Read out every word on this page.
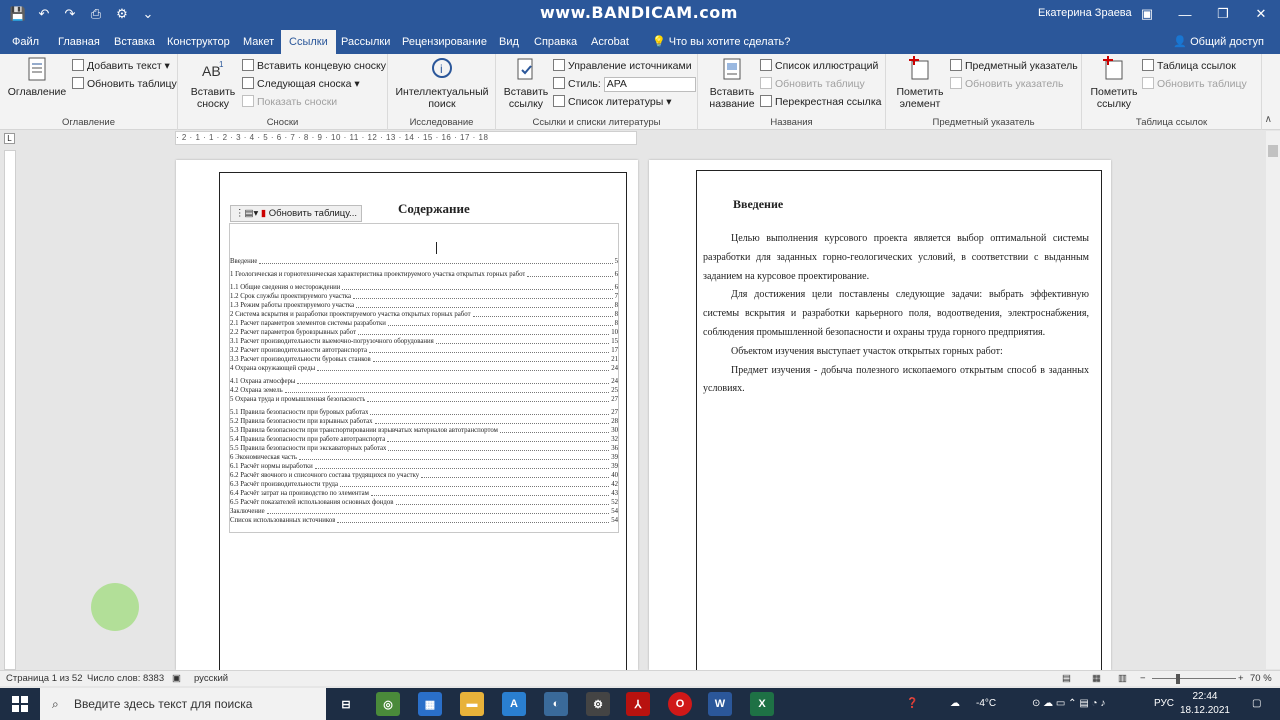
💾 ↶	↷	⎙	⚙	⌄	www.BANDICAM.com	Екатерина Зраева ▣	—	❐	✕
Файл	Главная	Вставка	Конструктор	Макет	Ссылки	Рассылки	Рецензирование	Вид	Справка	Acrobat	💡 Что вы хотите сделать?	👤 Общий доступ
Оглавление
Добавить текст ▾
Обновить таблицу
Оглавление
AB
1
Вставить сноску
Вставить концевую сноску
Следующая сноска ▾
Показать сноски
Сноски
i
Интеллектуальный поиск
Исследование
Вставить ссылку
Управление источниками
Стиль: APA
Список литературы ▾
Ссылки и списки литературы
Вставить название
Список иллюстраций
Обновить таблицу
Перекрестная ссылка
Названия
Пометить элемент
Предметный указатель
Обновить указатель
Предметный указатель
Пометить ссылку
Таблица ссылок
Обновить таблицу
Таблица ссылок	∧
L	· 2 · 1 · 1 · 2 · 3 · 4 · 5 · 6 · 7 · 8 · 9 · 10 · 11 · 12 · 13 · 14 · 15 · 16 · 17 · 18
Содержание
⋮▤▾ ▮ Обновить таблицу...
Введение	5
1 Геологическая и горнотехническая характеристика проектируемого участка открытых горных работ	6
1.1 Общие сведения о месторождении	6
1.2 Срок службы проектируемого участка	7
1.3 Режим работы проектируемого участка	8
2 Система вскрытия и разработки проектируемого участка открытых горных работ	8
2.1 Расчет параметров элементов системы разработки	8
2.2 Расчет параметров буровзрывных работ	10
3.1 Расчет производительности выемочно-погрузочного оборудования	15
3.2 Расчет производительности автотранспорта	17
3.3 Расчет производительности буровых станков	21
4 Охрана окружающей среды	24
4.1 Охрана атмосферы	24
4.2 Охрана земель	25
5 Охрана труда и промышленная безопасность	27
5.1 Правила безопасности при буровых работах	27
5.2 Правила безопасности при взрывных работах	28
5.3 Правила безопасности при транспортировании взрывчатых материалов автотранспортом	30
5.4 Правила безопасности при работе автотранспорта	32
5.5 Правила безопасности при экскаваторных работах	36
6 Экономическая часть	39
6.1 Расчёт нормы выработки	39
6.2 Расчёт явочного и списочного состава трудящихся по участку	40
6.3 Расчёт производительности труда	42
6.4 Расчёт затрат на производство по элементам	43
6.5 Расчёт показателей использования основных фондов	52
Заключение	54
Список использованных источников	54
Введение

Целью выполнения курсового проекта является выбор оптимальной системы разработки для заданных горно-геологических условий, в соответствии с выданным заданием на курсовое проектирование.

Для достижения цели поставлены следующие задачи: выбрать эффективную системы вскрытия и разработки карьерного поля, водоотведения, электроснабжения, соблюдения промышленной безопасности и охраны труда горного предприятия.

Объектом изучения выступает участок открытых горных работ:

Предмет изучения - добыча полезного ископаемого открытым способ в заданных условиях.

Страница 1 из 52 Число слов: 8383 ▣ русский	▤ ▦ ▥ −	+ 70 %
⌕ Введите здесь текст для поиска	⊟	◎	▦	▬	A	◐	⚙	⅄	O	W	X	❓	☁ -4°C	⊙ ☁ ▭ ⌃ ▤ ◔ ♪	РУС
22:44
18.12.2021
▢
